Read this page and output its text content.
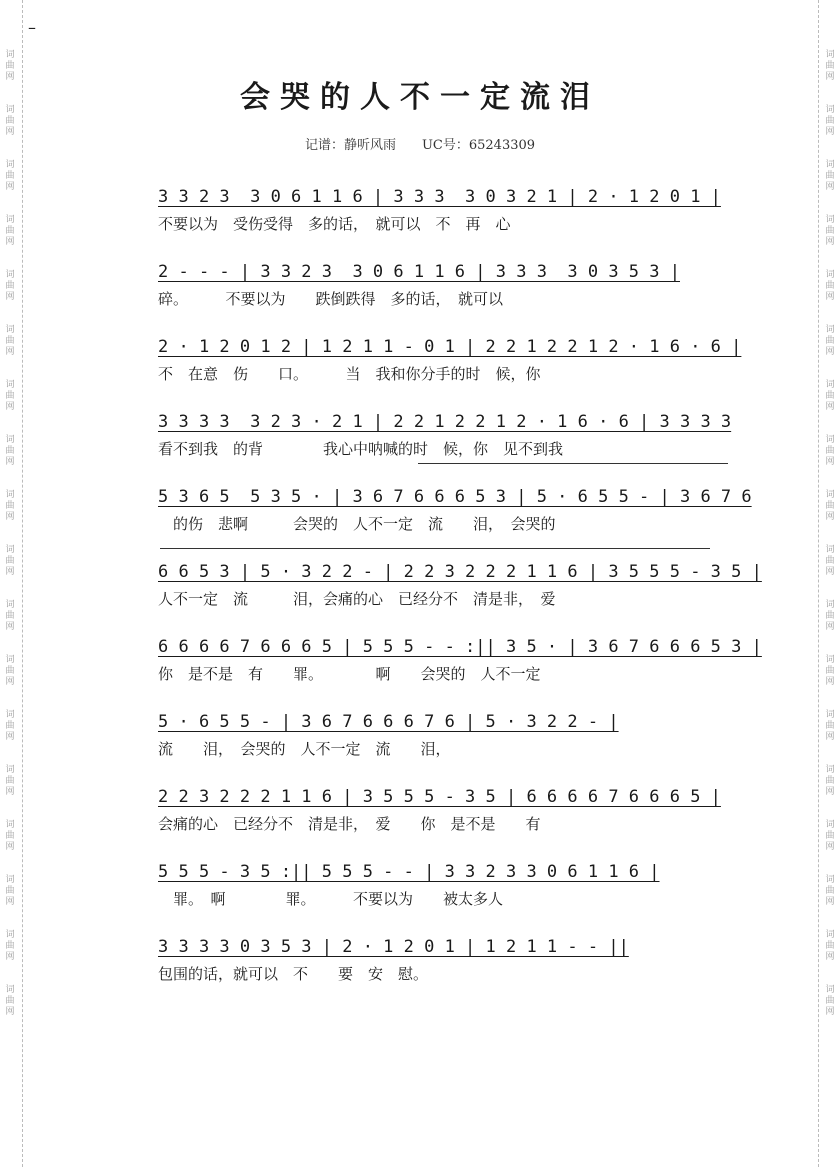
词
曲
网

词
曲
网

词
曲
网

词
曲
网

词
曲
网

词
曲
网

词
曲
网

词
曲
网

词
曲
网

词
曲
网

词
曲
网

词
曲
网

词
曲
网

词
曲
网

词
曲
网

词
曲
网

词
曲
网

词
曲
网
词
曲
网

词
曲
网

词
曲
网

词
曲
网

词
曲
网

词
曲
网

词
曲
网

词
曲
网

词
曲
网

词
曲
网

词
曲
网

词
曲
网

词
曲
网

词
曲
网

词
曲
网

词
曲
网

词
曲
网

词
曲
网
–
会哭的人不一定流泪
记谱：静听风雨　　UC号：65243309
3 3 2 3  3 0 6 1 1 6 | 3 3 3  3 0 3 2 1 | 2 · 1 2 0 1 |
不要以为　受伤受得　多的话，　就可以　不　再　心
2 - - - | 3 3 2 3  3 0 6 1 1 6 | 3 3 3  3 0 3 5 3 |
碎。　　　不要以为　　跌倒跌得　多的话，　就可以
2 · 1 2 0 1 2 | 1 2 1 1 - 0 1 | 2 2 1 2 2 1 2 · 1 6 · 6 |
不　在意　伤　　口。　　　当　我和你分手的时　候，你
3 3 3 3  3 2 3 · 2 1 | 2 2 1 2 2 1 2 · 1 6 · 6 | 3 3 3 3
看不到我　的背　　　　我心中呐喊的时　候，你　见不到我
5 3 6 5  5 3 5 · | 3 6 7 6 6 6 5 3 | 5 · 6 5 5 - | 3 6 7 6
　的伤　悲啊　　　会哭的　人不一定　流　　泪，　会哭的
6 6 5 3 | 5 · 3 2 2 - | 2 2 3 2 2 2 1 1 6 | 3 5 5 5 - 3 5 |
人不一定　流　　　泪，会痛的心　已经分不　清是非，　爱
6 6 6 6 7 6 6 6 5 | 5 5 5 - - :|| 3 5 · | 3 6 7 6 6 6 5 3 |
你　是不是　有　　罪。　　　　啊　　会哭的　人不一定
5 · 6 5 5 - | 3 6 7 6 6 6 7 6 | 5 · 3 2 2 - |
流　　泪，　会哭的　人不一定　流　　泪，
2 2 3 2 2 2 1 1 6 | 3 5 5 5 - 3 5 | 6 6 6 6 7 6 6 6 5 |
会痛的心　已经分不　清是非，　爱　　你　是不是　　有
5 5 5 - 3 5 :|| 5 5 5 - - | 3 3 2 3 3 0 6 1 1 6 |
　罪。　啊　　　　罪。　　　不要以为　　被太多人
3 3 3 3 0 3 5 3 | 2 · 1 2 0 1 | 1 2 1 1 - - ||
包围的话，就可以　不　　要　安　慰。
